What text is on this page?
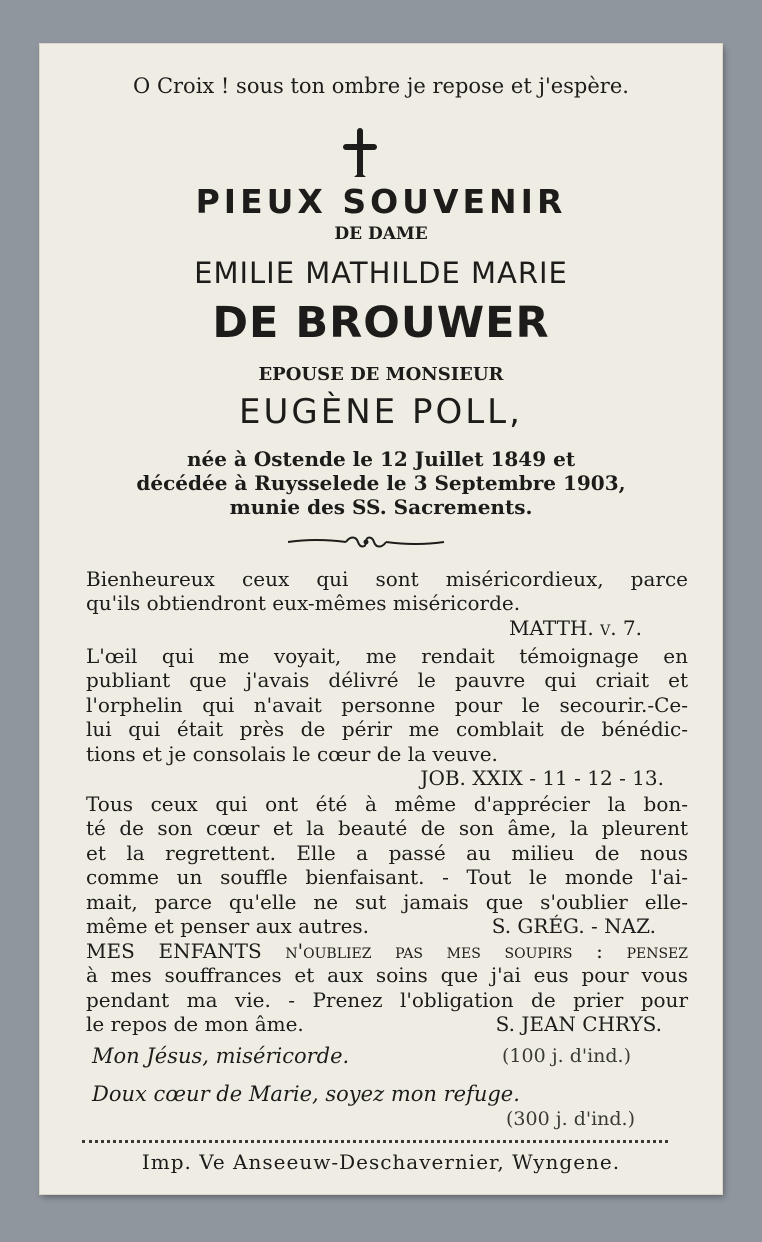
O Croix ! sous ton ombre je repose et j'espère.
PIEUX SOUVENIR
DE DAME
EMILIE MATHILDE MARIE
DE BROUWER
EPOUSE DE MONSIEUR
EUGÈNE POLL,
née à Ostende le 12 Juillet 1849 et
décédée à Ruysselede le 3 Septembre 1903,
munie des SS. Sacrements.
Bienheureux ceux qui sont miséricordieux, parce
qu'ils obtiendront eux-mêmes miséricorde.
MATTH. v. 7.
L'œil qui me voyait, me rendait témoignage en
publiant que j'avais délivré le pauvre qui criait et
l'orphelin qui n'avait personne pour le secourir.-Ce-
lui qui était près de périr me comblait de bénédic-
tions et je consolais le cœur de la veuve.
JOB. XXIX - 11 - 12 - 13.
Tous ceux qui ont été à même d'apprécier la bon-
té de son cœur et la beauté de son âme, la pleurent
et la regrettent. Elle a passé au milieu de nous
comme un souffle bienfaisant. - Tout le monde l'ai-
mait, parce qu'elle ne sut jamais que s'oublier elle-
même et penser aux autres.	S. GRÉG. - NAZ.
MES ENFANTS n'oubliez pas mes soupirs : pensez
à mes souffrances et aux soins que j'ai eus pour vous
pendant ma vie. - Prenez l'obligation de prier pour
le repos de mon âme.	S. JEAN CHRYS.
Mon Jésus, miséricorde.	(100 j. d'ind.)
Doux cœur de Marie, soyez mon refuge.
(300 j. d'ind.)
Imp. Ve Anseeuw-Deschavernier, Wyngene.
